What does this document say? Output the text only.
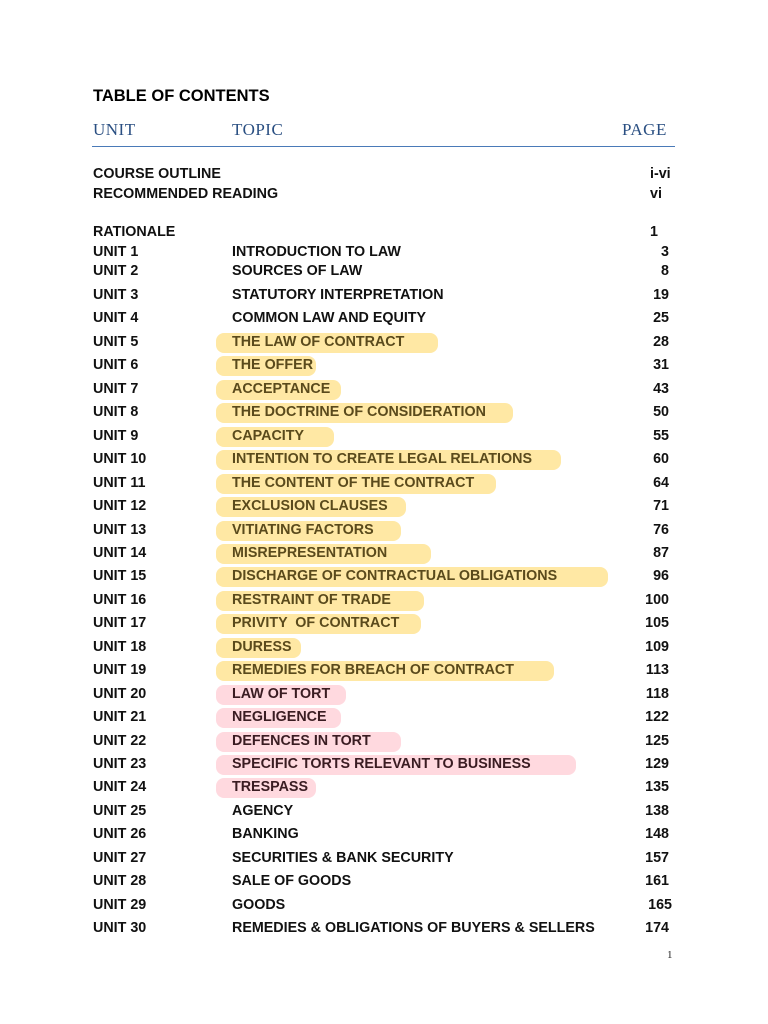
TABLE OF CONTENTS
UNIT	TOPIC	PAGE
COURSE OUTLINE	i-vi
RECOMMENDED READING	vi
RATIONALE	1
UNIT 1	INTRODUCTION TO LAW	3
UNIT 2	SOURCES OF LAW	8
UNIT 3	STATUTORY INTERPRETATION	19
UNIT 4	COMMON LAW AND EQUITY	25
UNIT 5	THE LAW OF CONTRACT	28
UNIT 6	THE OFFER	31
UNIT 7	ACCEPTANCE	43
UNIT 8	THE DOCTRINE OF CONSIDERATION	50
UNIT 9	CAPACITY	55
UNIT 10	INTENTION TO CREATE LEGAL RELATIONS	60
UNIT 11	THE CONTENT OF THE CONTRACT	64
UNIT 12	EXCLUSION CLAUSES	71
UNIT 13	VITIATING FACTORS	76
UNIT 14	MISREPRESENTATION	87
UNIT 15	DISCHARGE OF CONTRACTUAL OBLIGATIONS	96
UNIT 16	RESTRAINT OF TRADE	100
UNIT 17	PRIVITY  OF CONTRACT	105
UNIT 18	DURESS	109
UNIT 19	REMEDIES FOR BREACH OF CONTRACT	113
UNIT 20	LAW OF TORT	118
UNIT 21	NEGLIGENCE	122
UNIT 22	DEFENCES IN TORT	125
UNIT 23	SPECIFIC TORTS RELEVANT TO BUSINESS	129
UNIT 24	TRESPASS	135
UNIT 25	AGENCY	138
UNIT 26	BANKING	148
UNIT 27	SECURITIES & BANK SECURITY	157
UNIT 28	SALE OF GOODS	161
UNIT 29	GOODS	165
UNIT 30	REMEDIES & OBLIGATIONS OF BUYERS & SELLERS	174
1
